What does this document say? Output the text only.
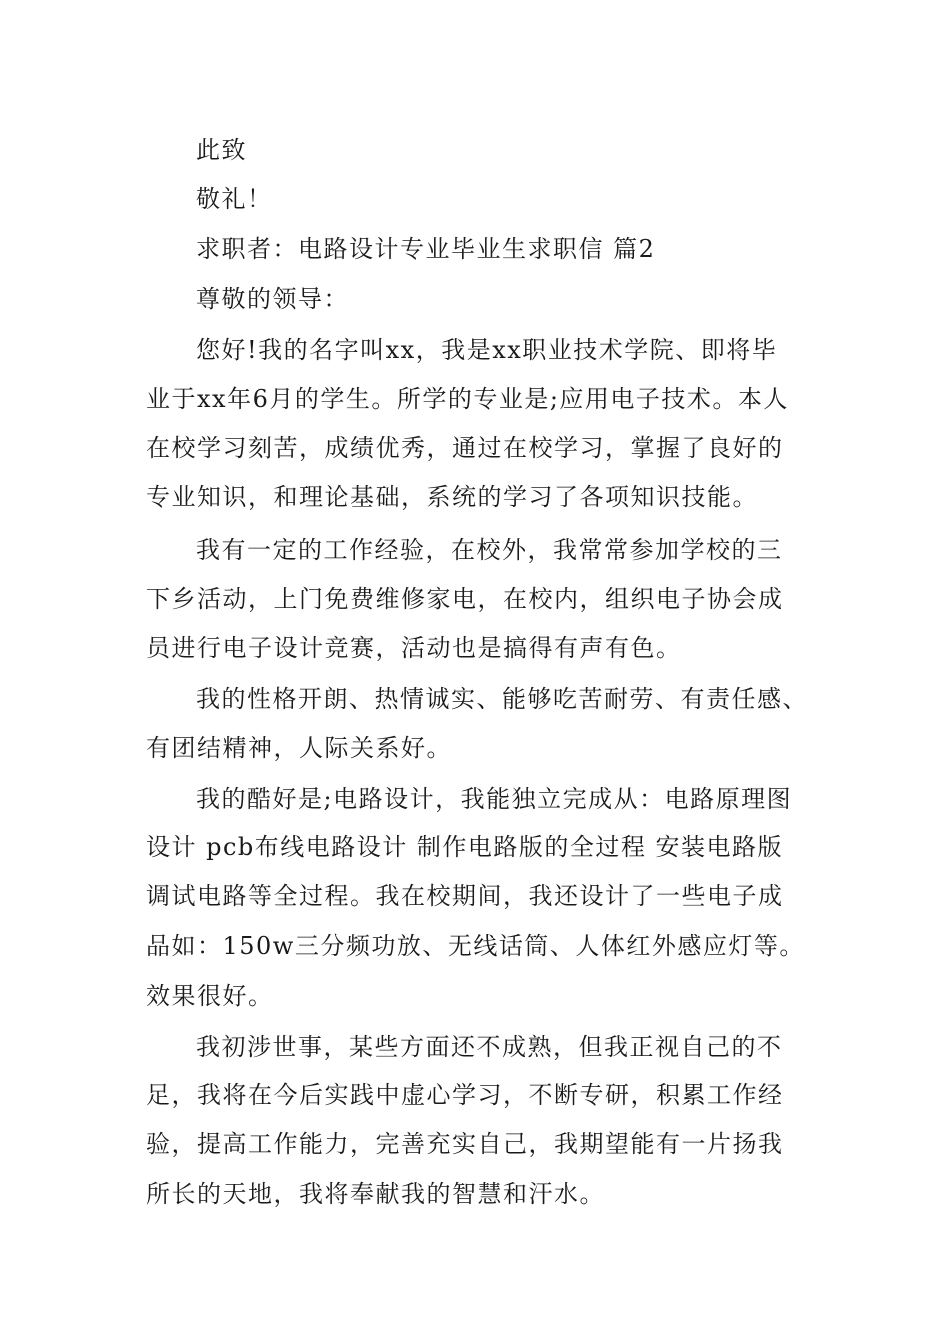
此致
敬礼！
求职者：电路设计专业毕业生求职信 篇2
尊敬的领导：
您好!我的名字叫xx，我是xx职业技术学院、即将毕
业于xx年6月的学生。所学的专业是;应用电子技术。本人
在校学习刻苦，成绩优秀，通过在校学习，掌握了良好的
专业知识，和理论基础，系统的学习了各项知识技能。
我有一定的工作经验，在校外，我常常参加学校的三
下乡活动，上门免费维修家电，在校内，组织电子协会成
员进行电子设计竞赛，活动也是搞得有声有色。
我的性格开朗、热情诚实、能够吃苦耐劳、有责任感、
有团结精神，人际关系好。
我的酷好是;电路设计，我能独立完成从：电路原理图
设计 pcb布线电路设计 制作电路版的全过程 安装电路版
调试电路等全过程。我在校期间，我还设计了一些电子成
品如：150w三分频功放、无线话筒、人体红外感应灯等。
效果很好。
我初涉世事，某些方面还不成熟，但我正视自己的不
足，我将在今后实践中虚心学习，不断专研，积累工作经
验，提高工作能力，完善充实自己，我期望能有一片扬我
所长的天地，我将奉献我的智慧和汗水。
